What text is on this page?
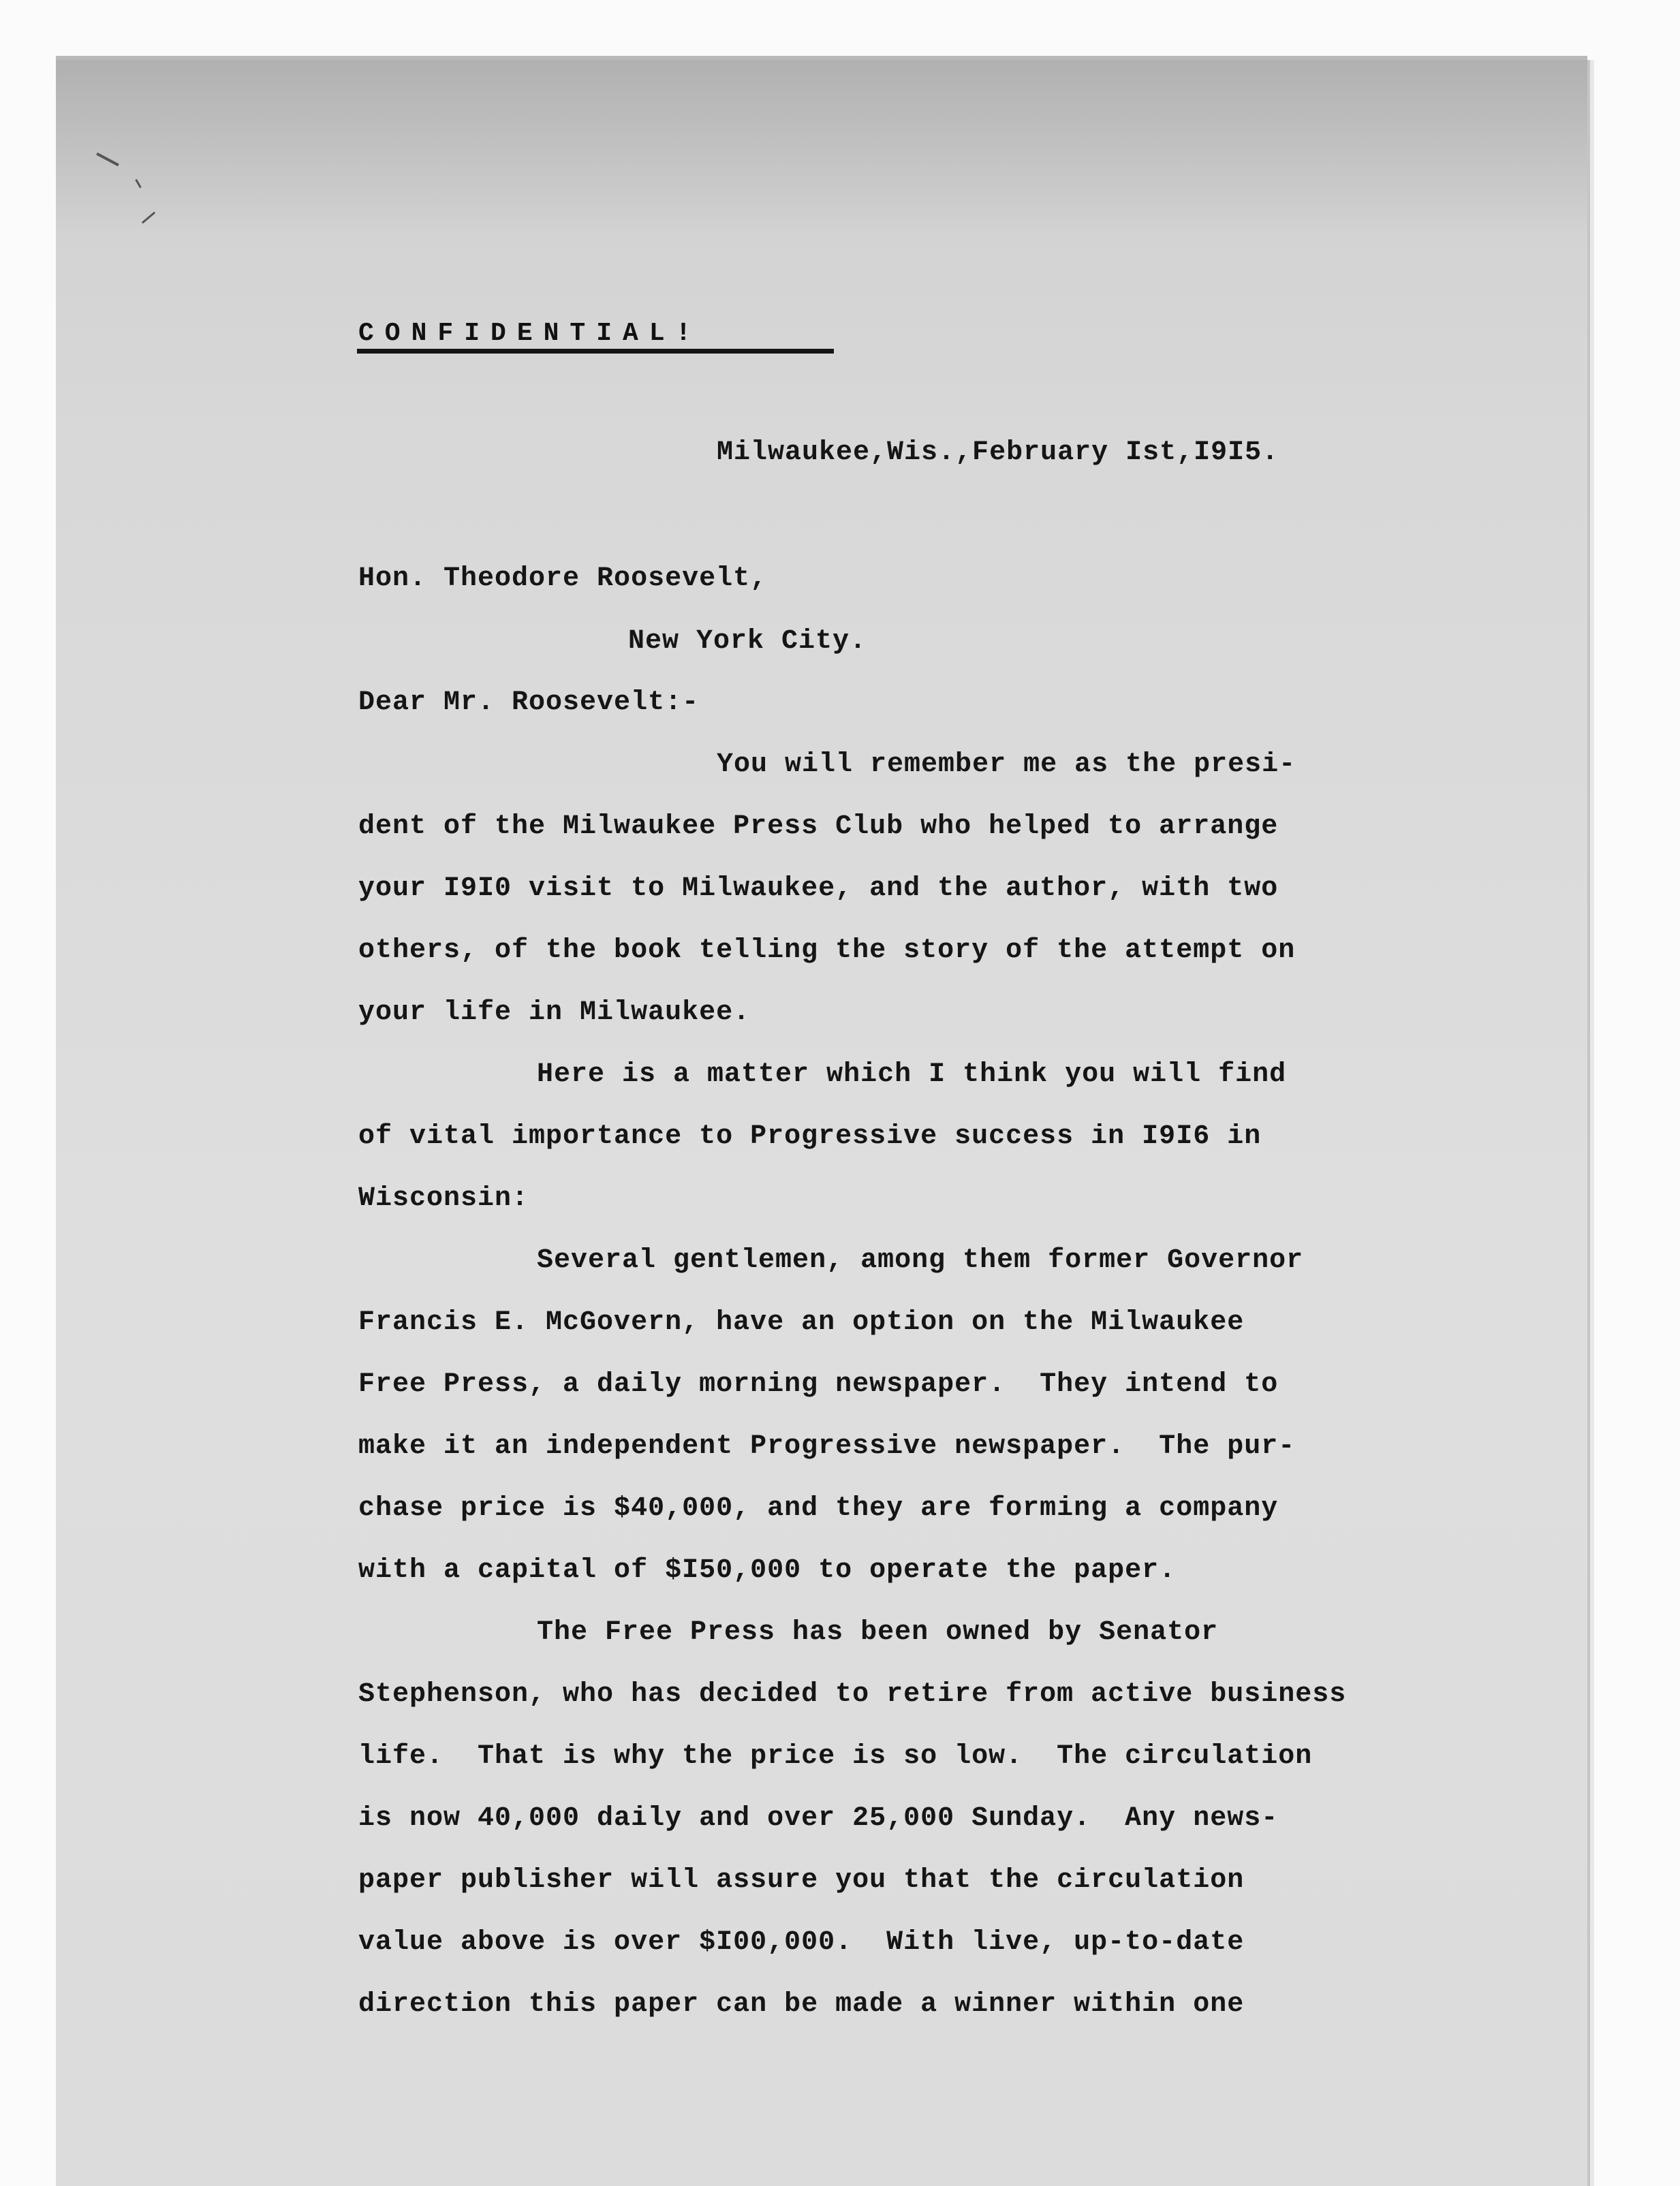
CONFIDENTIAL!
Milwaukee,Wis.,February Ist,I9I5.
Hon. Theodore Roosevelt,
New York City.
Dear Mr. Roosevelt:-
You will remember me as the presi-
dent of the Milwaukee Press Club who helped to arrange
your I9I0 visit to Milwaukee, and the author, with two
others, of the book telling the story of the attempt on
your life in Milwaukee.
Here is a matter which I think you will find
of vital importance to Progressive success in I9I6 in
Wisconsin:
Several gentlemen, among them former Governor
Francis E. McGovern, have an option on the Milwaukee
Free Press, a daily morning newspaper.  They intend to
make it an independent Progressive newspaper.  The pur-
chase price is $40,000, and they are forming a company
with a capital of $I50,000 to operate the paper.
The Free Press has been owned by Senator
Stephenson, who has decided to retire from active business
life.  That is why the price is so low.  The circulation
is now 40,000 daily and over 25,000 Sunday.  Any news-
paper publisher will assure you that the circulation
value above is over $I00,000.  With live, up-to-date
direction this paper can be made a winner within one
